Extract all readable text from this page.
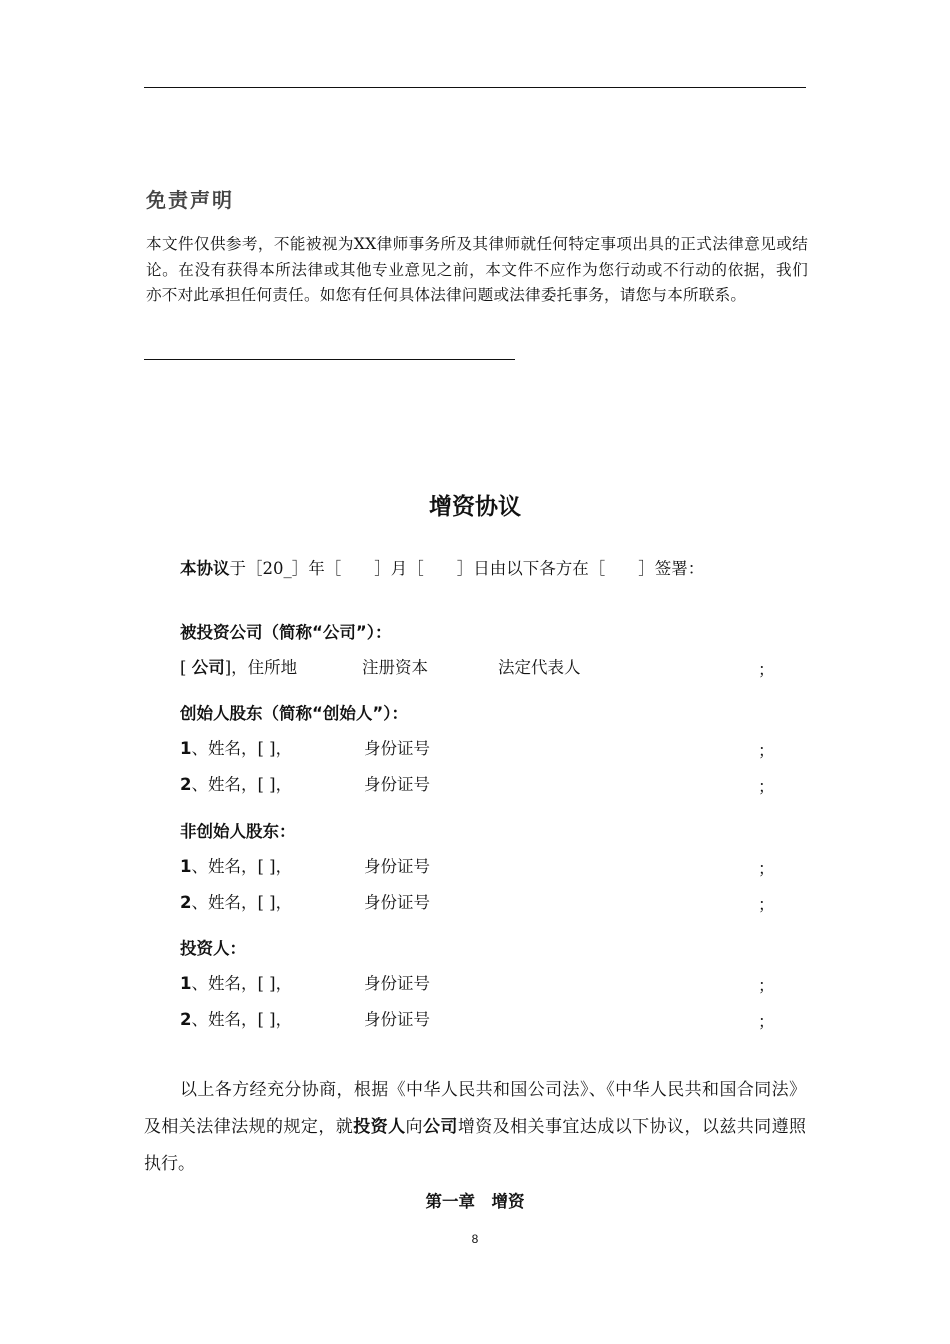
免责声明
本文件仅供参考，不能被视为XX律师事务所及其律师就任何特定事项出具的正式法律意见或结论。在没有获得本所法律或其他专业意见之前，本文件不应作为您行动或不行动的依据，我们亦不对此承担任何责任。如您有任何具体法律问题或法律委托事务，请您与本所联系。
增资协议
本协议于［20_］年［　　］月［　　］日由以下各方在［　　］签署：
被投资公司（简称“公司”）：
[ 公司]，住所地	注册资本	法定代表人	；
创始人股东（简称“创始人”）：
1、姓名，[ ]，	身份证号	；
2、姓名，[ ]，	身份证号	；
非创始人股东：
1、姓名，[ ]，	身份证号	；
2、姓名，[ ]，	身份证号	；
投资人：
1、姓名，[ ]，	身份证号	；
2、姓名，[ ]，	身份证号	；
以上各方经充分协商，根据《中华人民共和国公司法》、《中华人民共和国合同法》及相关法律法规的规定，就投资人向公司增资及相关事宜达成以下协议，以兹共同遵照执行。
第一章　增资
8
